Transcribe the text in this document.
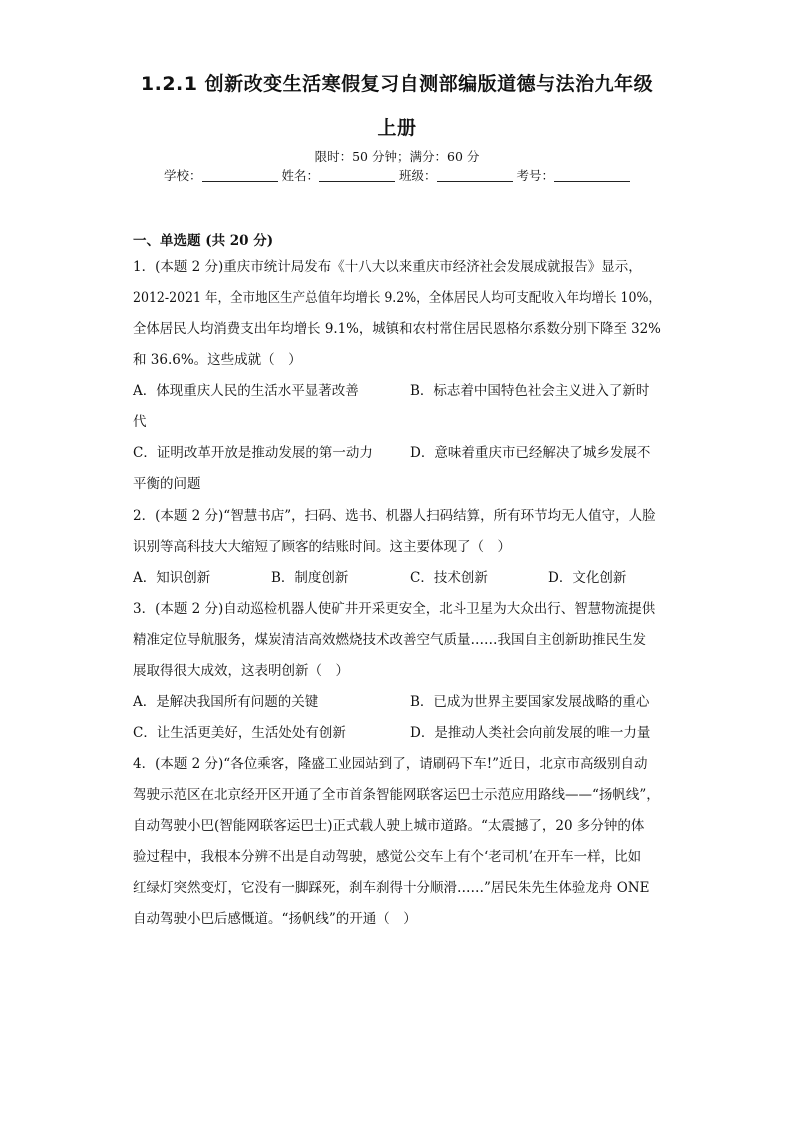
1.2.1 创新改变生活寒假复习自测部编版道德与法治九年级
上册
限时：50 分钟；满分：60 分
学校：	姓名：	班级：	考号：
一、单选题 (共 20 分)
1．(本题 2 分)重庆市统计局发布《十八大以来重庆市经济社会发展成就报告》显示，
2012-2021 年，全市地区生产总值年均增长 9.2%，全体居民人均可支配收入年均增长 10%，
全体居民人均消费支出年均增长 9.1%，城镇和农村常住居民恩格尔系数分别下降至 32%
和 36.6%。这些成就（　）
A．体现重庆人民的生活水平显著改善	B．标志着中国特色社会主义进入了新时
代
C．证明改革开放是推动发展的第一动力	D．意味着重庆市已经解决了城乡发展不
平衡的问题
2．(本题 2 分)“智慧书店”，扫码、选书、机器人扫码结算，所有环节均无人值守，人脸
识别等高科技大大缩短了顾客的结账时间。这主要体现了（　）
A．知识创新	B．制度创新	C．技术创新	D．文化创新
3．(本题 2 分)自动巡检机器人使矿井开采更安全，北斗卫星为大众出行、智慧物流提供
精准定位导航服务，煤炭清洁高效燃烧技术改善空气质量……我国自主创新助推民生发
展取得很大成效，这表明创新（　）
A．是解决我国所有问题的关键	B．已成为世界主要国家发展战略的重心
C．让生活更美好，生活处处有创新	D．是推动人类社会向前发展的唯一力量
4．(本题 2 分)“各位乘客，隆盛工业园站到了，请刷码下车!”近日，北京市高级别自动
驾驶示范区在北京经开区开通了全市首条智能网联客运巴士示范应用路线——“扬帆线”，
自动驾驶小巴(智能网联客运巴士)正式载人驶上城市道路。“太震撼了，20 多分钟的体
验过程中，我根本分辨不出是自动驾驶，感觉公交车上有个‘老司机’在开车一样，比如
红绿灯突然变灯，它没有一脚踩死，刹车刹得十分顺滑……”居民朱先生体验龙舟 ONE
自动驾驶小巴后感慨道。“扬帆线”的开通（　）
